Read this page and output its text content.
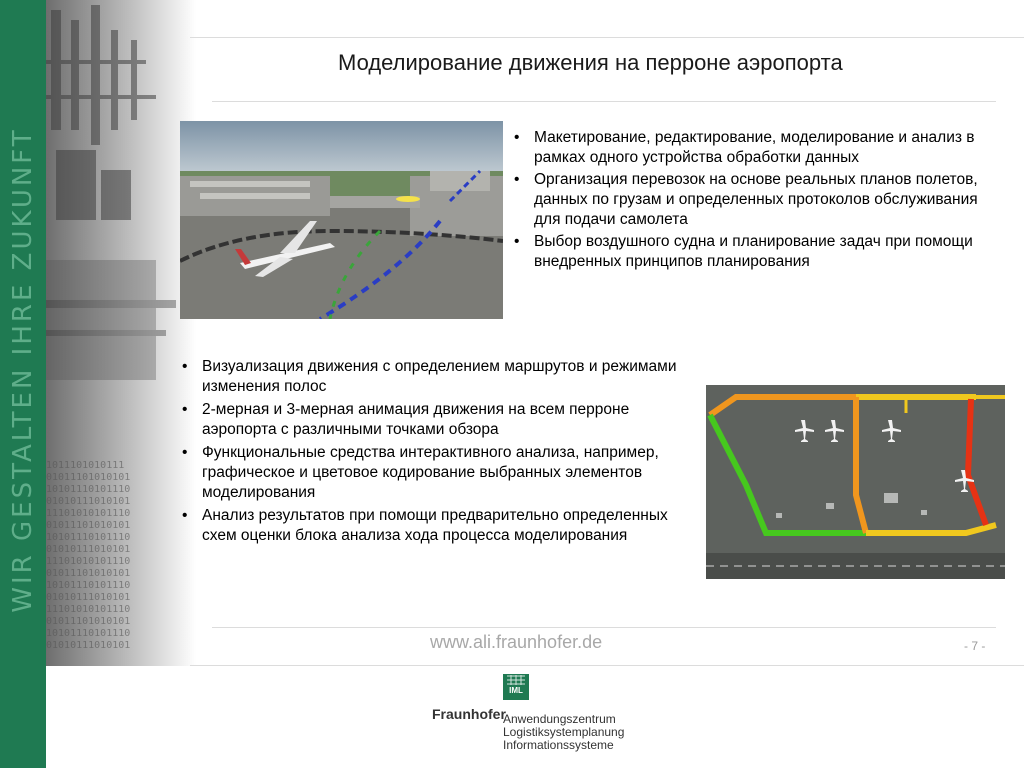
WIR GESTALTEN IHRE ZUKUNFT 1011101010111
01011101010101
10101110101110
01010111010101
11101010101110
01011101010101
10101110101110
01010111010101
11101010101110
01011101010101
10101110101110
01010111010101
11101010101110
01011101010101
10101110101110
01010111010101
Моделирование движения на перроне аэропорта
• Макетирование, редактирование, моделирование и анализ в рамках одного устройства обработки данных
• Организация перевозок на основе реальных планов полетов, данных по грузам и определенных протоколов обслуживания для подачи самолета
• Выбор воздушного судна и планирование задач при помощи внедренных принципов планирования
• Визуализация движения с определением маршрутов и режимами изменения полос
• 2-мерная и 3-мерная анимация движения на всем перроне аэропорта с различными точками обзора
• Функциональные средства интерактивного анализа, например, графическое и цветовое кодирование выбранных элементов моделирования
• Анализ результатов при помощи предварительно определенных
схем оценки блока анализа хода процесса моделирования
www.ali.fraunhofer.de	- 7 -
IML
Fraunhofer
Anwendungszentrum
Logistiksystemplanung
Informationssysteme
